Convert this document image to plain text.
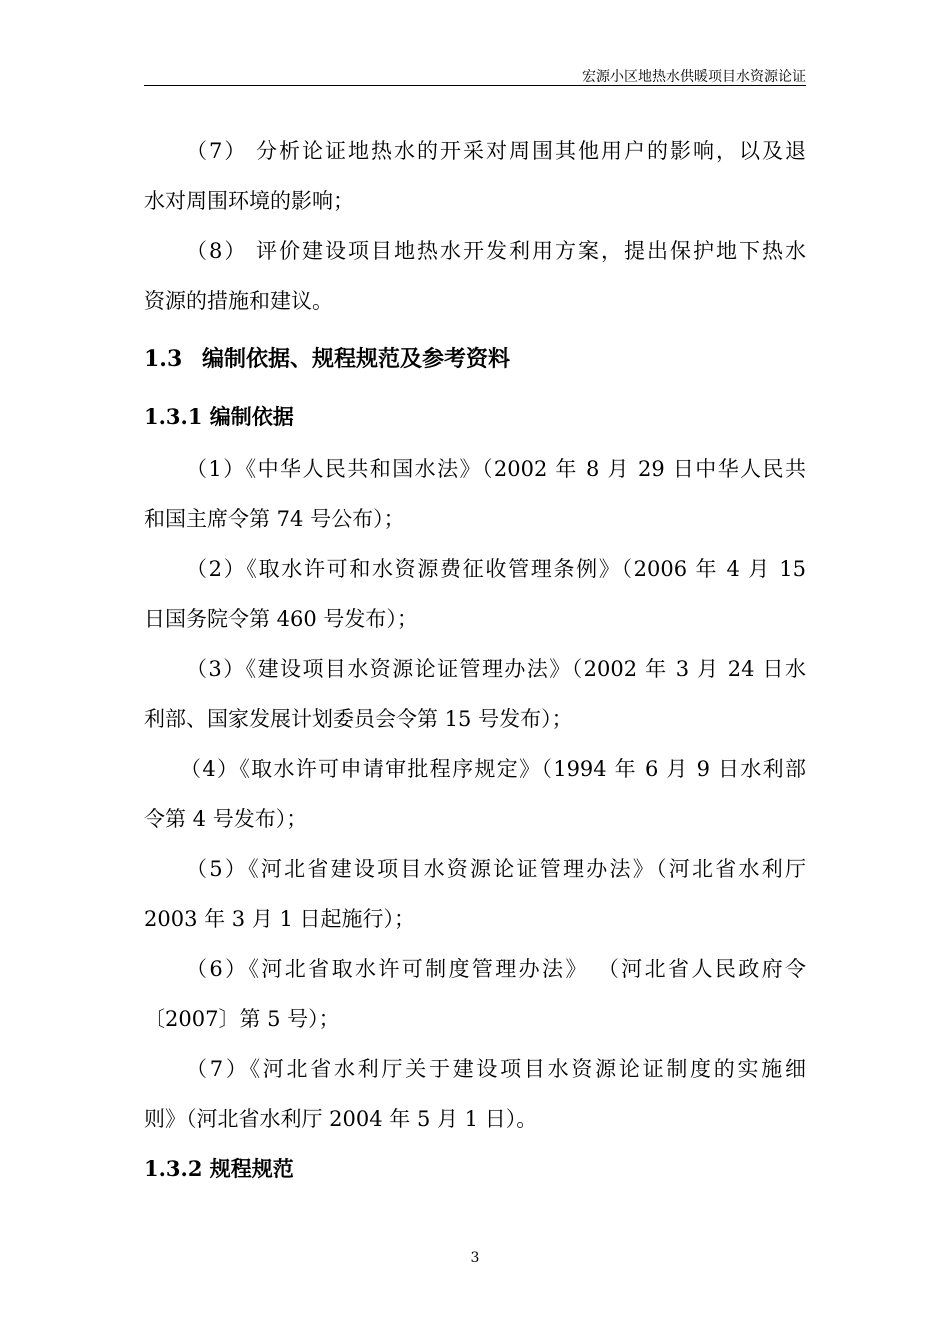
宏源小区地热水供暖项目水资源论证

（7） 分析论证地热水的开采对周围其他用户的影响，以及退

水对周围环境的影响；

（8） 评价建设项目地热水开发利用方案，提出保护地下热水

资源的措施和建议。

1.3 编制依据、规程规范及参考资料
1.3.1 编制依据

（1）《中华人民共和国水法》（2002 年 8 月 29 日中华人民共

和国主席令第 74 号公布）；

（2）《取水许可和水资源费征收管理条例》（2006 年 4 月 15

日国务院令第 460 号发布）；

（3）《建设项目水资源论证管理办法》（2002 年 3 月 24 日水

利部、国家发展计划委员会令第 15 号发布）；

（4）《取水许可申请审批程序规定》（1994 年 6 月 9 日水利部

令第 4 号发布）；

（5）《河北省建设项目水资源论证管理办法》（河北省水利厅

2003 年 3 月 1 日起施行）；

（6）《河北省取水许可制度管理办法》 （河北省人民政府令

〔2007〕第 5 号）；

（7）《河北省水利厅关于建设项目水资源论证制度的实施细

则》（河北省水利厅 2004 年 5 月 1 日）。

1.3.2 规程规范
3
